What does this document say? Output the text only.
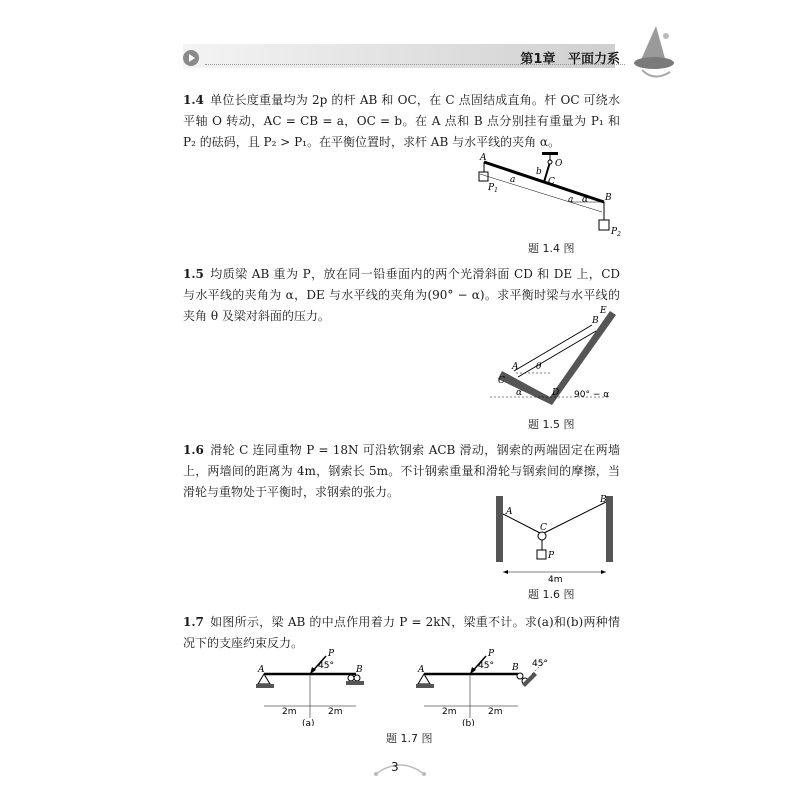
第1章 平面力系
1.4 单位长度重量均为 2p 的杆 AB 和 OC，在 C 点固结成直角。杆 OC 可绕水平轴 O 转动，AC = CB = a，OC = b。在 A 点和 B 点分别挂有重量为 P₁ 和 P₂ 的砝码，且 P₂ > P₁。在平衡位置时，求杆 AB 与水平线的夹角 α。
A
B
C
O
a
a
b
α
$P_1$
$P_2$
题 1.4 图
1.5 均质梁 AB 重为 P，放在同一铅垂面内的两个光滑斜面 CD 和 DE 上，CD 与水平线的夹角为 α，DE 与水平线的夹角为(90° − α)。求平衡时梁与水平线的夹角 θ 及梁对斜面的压力。
A
B
C
D
E
θ
α	90° − α
题 1.5 图
1.6 滑轮 C 连同重物 P = 18N 可沿软钢索 ACB 滑动，钢索的两端固定在两墙上，两墙间的距离为 4m，钢索长 5m。不计钢索重量和滑轮与钢索间的摩擦，当滑轮与重物处于平衡时，求钢索的张力。
A
B
C
P
4m
题 1.6 图
1.7 如图所示，梁 AB 的中点作用着力 P = 2kN，梁重不计。求(a)和(b)两种情况下的支座约束反力。
A	B
P
45°
2m	2m
(a)
A	B
P
45°	45°
2m	2m
(b)
题 1.7 图
3
